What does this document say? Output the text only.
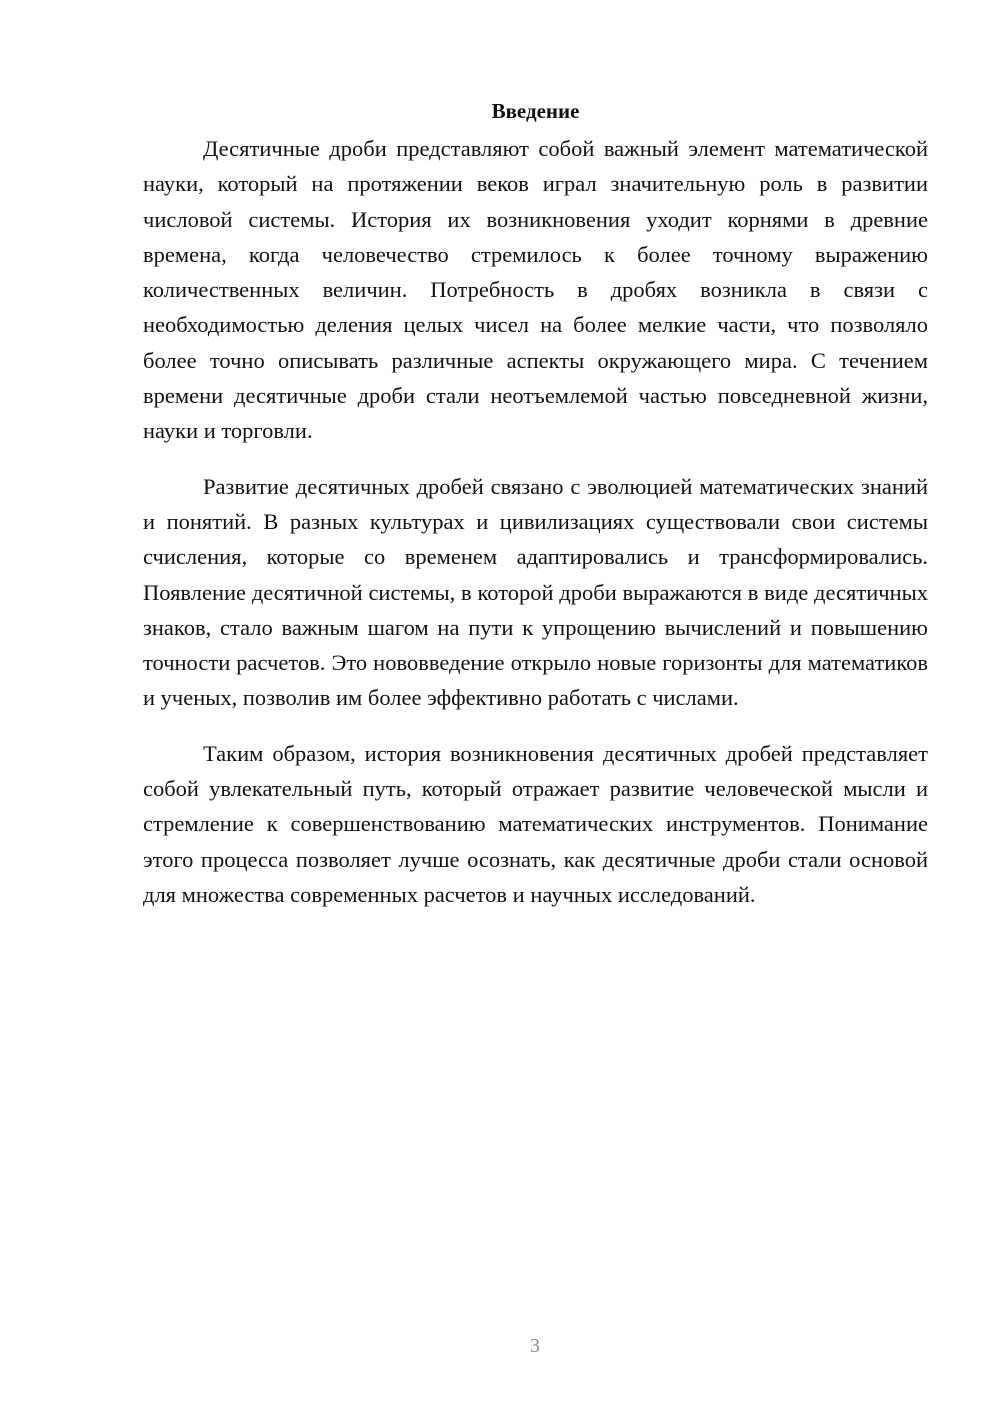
Введение

Десятичные дроби представляют собой важный элемент математической науки, который на протяжении веков играл значительную роль в развитии числовой системы. История их возникновения уходит корнями в древние времена, когда человечество стремилось к более точному выражению количественных величин. Потребность в дробях возникла в связи с необходимостью деления целых чисел на более мелкие части, что позволяло более точно описывать различные аспекты окружающего мира. С течением времени десятичные дроби стали неотъемлемой частью повседневной жизни, науки и торговли.

Развитие десятичных дробей связано с эволюцией математических знаний и понятий. В разных культурах и цивилизациях существовали свои системы счисления, которые со временем адаптировались и трансформировались. Появление десятичной системы, в которой дроби выражаются в виде десятичных знаков, стало важным шагом на пути к упрощению вычислений и повышению точности расчетов. Это нововведение открыло новые горизонты для математиков и ученых, позволив им более эффективно работать с числами.

Таким образом, история возникновения десятичных дробей представляет собой увлекательный путь, который отражает развитие человеческой мысли и стремление к совершенствованию математических инструментов. Понимание этого процесса позволяет лучше осознать, как десятичные дроби стали основой для множества современных расчетов и научных исследований.

3
